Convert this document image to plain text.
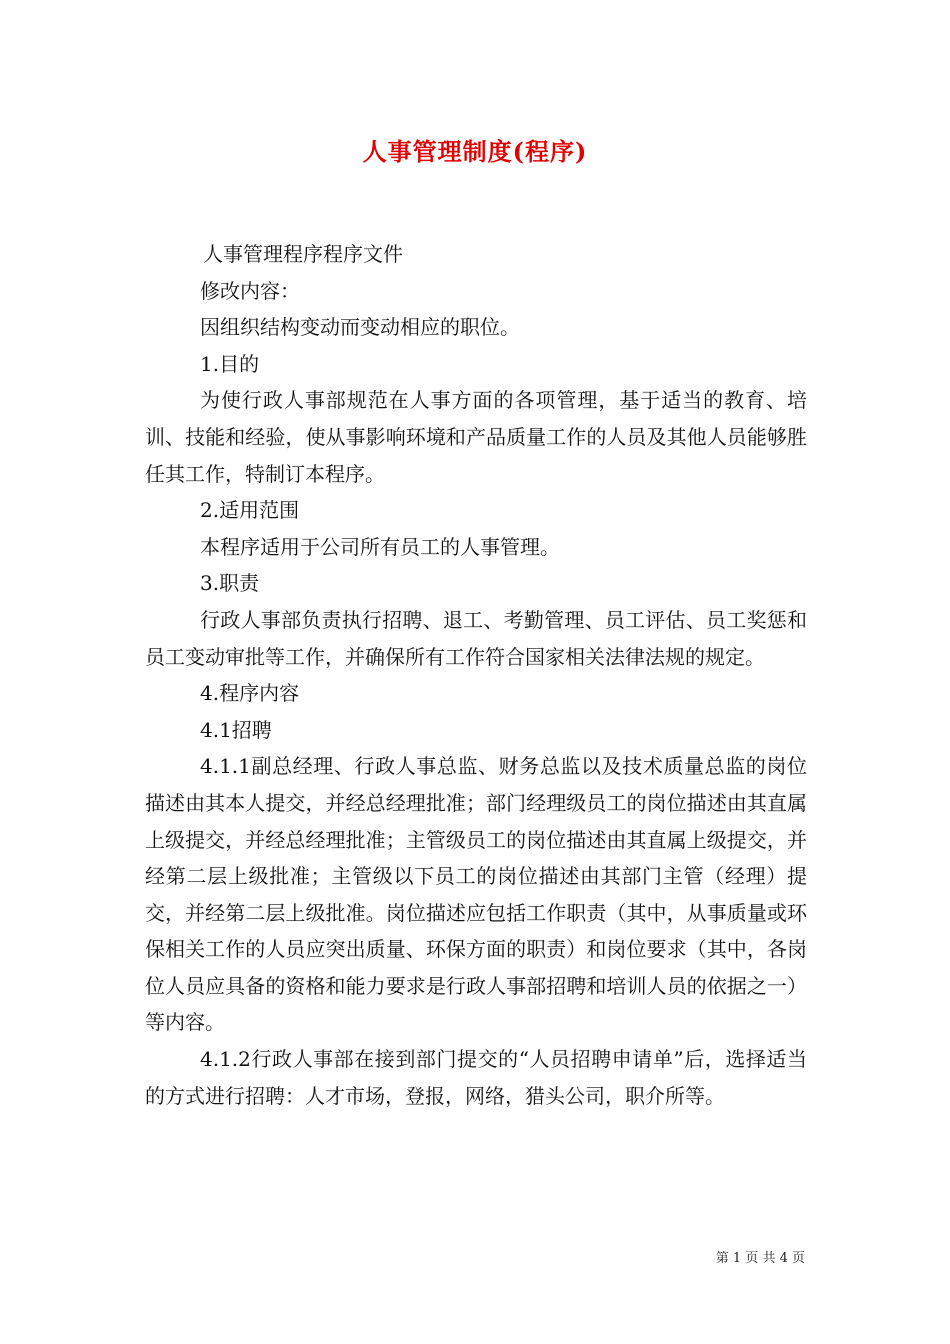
人事管理制度(程序)

人事管理程序程序文件

修改内容：

因组织结构变动而变动相应的职位。

1.目的

为使行政人事部规范在人事方面的各项管理，基于适当的教育、培训、技能和经验，使从事影响环境和产品质量工作的人员及其他人员能够胜任其工作，特制订本程序。

2.适用范围

本程序适用于公司所有员工的人事管理。

3.职责

行政人事部负责执行招聘、退工、考勤管理、员工评估、员工奖惩和员工变动审批等工作，并确保所有工作符合国家相关法律法规的规定。

4.程序内容

4.1招聘

4.1.1副总经理、行政人事总监、财务总监以及技术质量总监的岗位描述由其本人提交，并经总经理批准；部门经理级员工的岗位描述由其直属上级提交，并经总经理批准；主管级员工的岗位描述由其直属上级提交，并经第二层上级批准；主管级以下员工的岗位描述由其部门主管（经理）提交，并经第二层上级批准。岗位描述应包括工作职责（其中，从事质量或环保相关工作的人员应突出质量、环保方面的职责）和岗位要求（其中，各岗位人员应具备的资格和能力要求是行政人事部招聘和培训人员的依据之一）等内容。

4.1.2行政人事部在接到部门提交的“人员招聘申请单”后，选择适当的方式进行招聘：人才市场，登报，网络，猎头公司，职介所等。

第 1 页 共 4 页
